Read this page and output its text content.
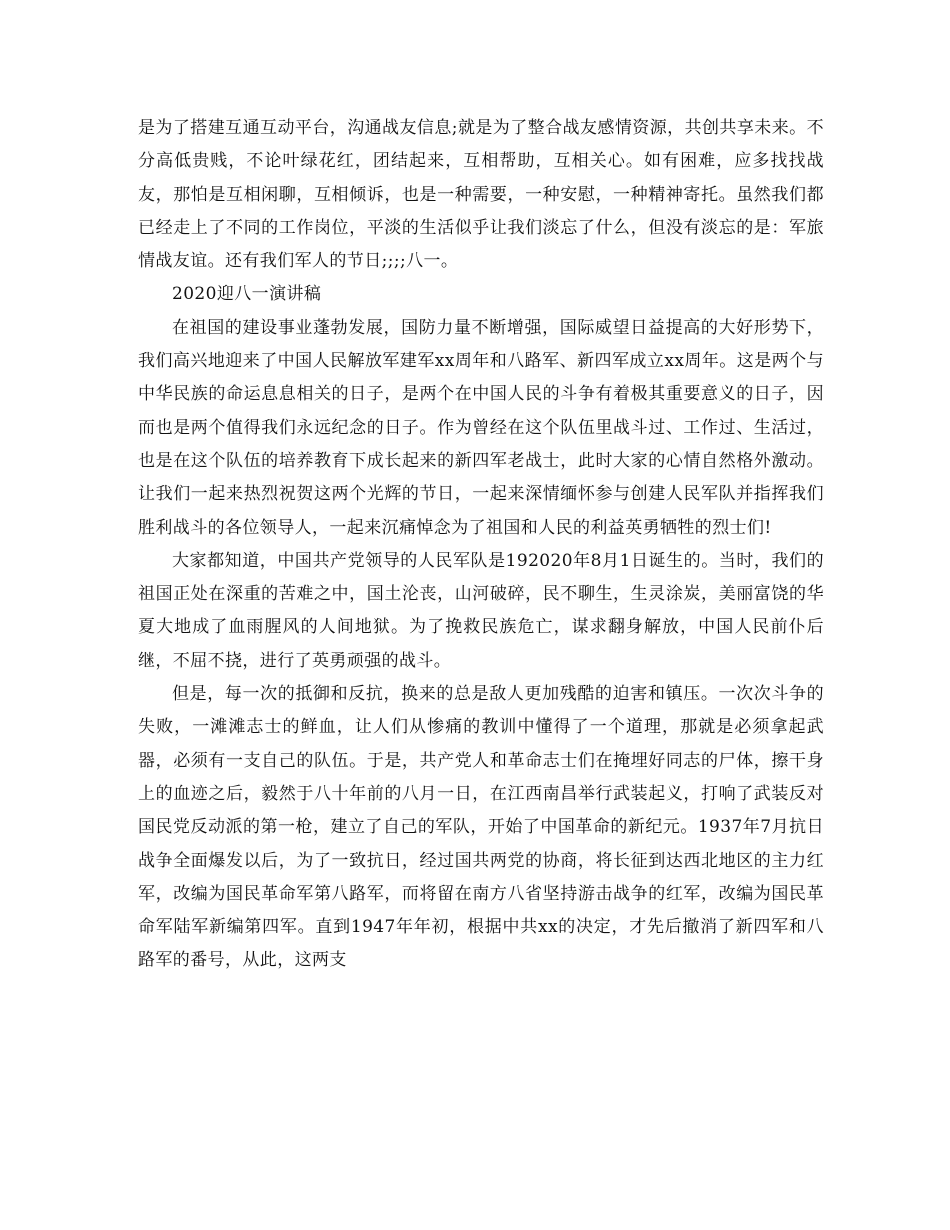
是为了搭建互通互动平台，沟通战友信息;就是为了整合战友感情资源，共创共享未来。不分高低贵贱，不论叶绿花红，团结起来，互相帮助，互相关心。如有困难，应多找找战友，那怕是互相闲聊，互相倾诉，也是一种需要，一种安慰，一种精神寄托。虽然我们都已经走上了不同的工作岗位，平淡的生活似乎让我们淡忘了什么，但没有淡忘的是：军旅情战友谊。还有我们军人的节日;;;;八一。

2020迎八一演讲稿

在祖国的建设事业蓬勃发展，国防力量不断增强，国际威望日益提高的大好形势下，我们高兴地迎来了中国人民解放军建军xx周年和八路军、新四军成立xx周年。这是两个与中华民族的命运息息相关的日子，是两个在中国人民的斗争有着极其重要意义的日子，因而也是两个值得我们永远纪念的日子。作为曾经在这个队伍里战斗过、工作过、生活过，也是在这个队伍的培养教育下成长起来的新四军老战士，此时大家的心情自然格外激动。让我们一起来热烈祝贺这两个光辉的节日，一起来深情缅怀参与创建人民军队并指挥我们胜利战斗的各位领导人，一起来沉痛悼念为了祖国和人民的利益英勇牺牲的烈士们!

大家都知道，中国共产党领导的人民军队是192020年8月1日诞生的。当时，我们的祖国正处在深重的苦难之中，国土沦丧，山河破碎，民不聊生，生灵涂炭，美丽富饶的华夏大地成了血雨腥风的人间地狱。为了挽救民族危亡，谋求翻身解放，中国人民前仆后继，不屈不挠，进行了英勇顽强的战斗。

但是，每一次的抵御和反抗，换来的总是敌人更加残酷的迫害和镇压。一次次斗争的失败，一滩滩志士的鲜血，让人们从惨痛的教训中懂得了一个道理，那就是必须拿起武器，必须有一支自己的队伍。于是，共产党人和革命志士们在掩埋好同志的尸体，擦干身上的血迹之后，毅然于八十年前的八月一日，在江西南昌举行武装起义，打响了武装反对国民党反动派的第一枪，建立了自己的军队，开始了中国革命的新纪元。1937年7月抗日战争全面爆发以后，为了一致抗日，经过国共两党的协商，将长征到达西北地区的主力红军，改编为国民革命军第八路军，而将留在南方八省坚持游击战争的红军，改编为国民革命军陆军新编第四军。直到1947年年初，根据中共xx的决定，才先后撤消了新四军和八路军的番号，从此，这两支
